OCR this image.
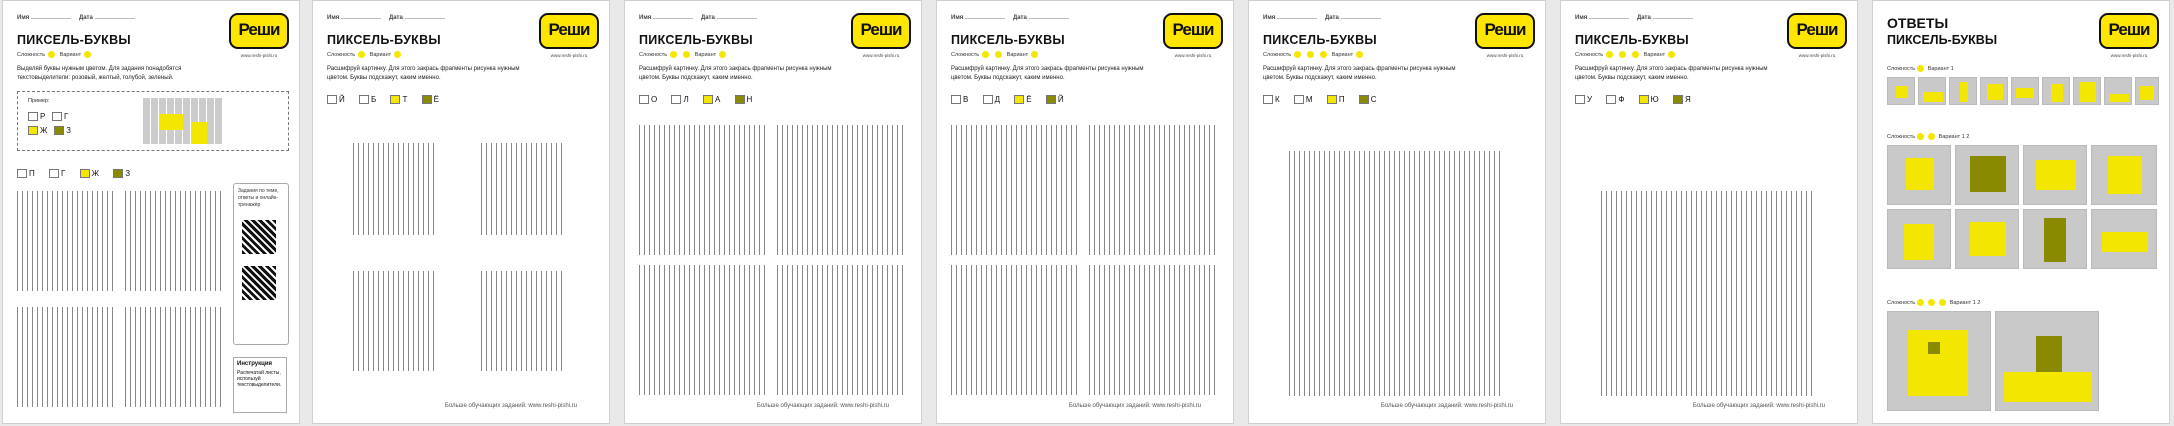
Имя	Дата
ПИКСЕЛЬ-БУКВЫ
Сложность	Вариант
Реши
www.reshi-pishi.ru
Выделяй буквы нужным цветом. Для задания понадобятся текстовыделители: розовый, желтый, голубой, зеленый.
Пример:
Р Г
Ж З
П	Г	Ж	З
Задания по теме, ответы и онлайн-тренажёр
Инструкция
Распечатай листы, используй текстовыделители.
Имя	Дата
ПИКСЕЛЬ-БУКВЫ
Сложность	Вариант
Реши
www.reshi-pishi.ru
Расшифруй картинку. Для этого закрась фрагменты рисунка нужным цветом. Буквы подскажут, каким именно.
Й	Б	Т	Ё
Больше обучающих заданий: www.reshi-pishi.ru
Имя	Дата
ПИКСЕЛЬ-БУКВЫ
Сложность	Вариант
Реши
www.reshi-pishi.ru
Расшифруй картинку. Для этого закрась фрагменты рисунка нужным цветом. Буквы подскажут, каким именно.
О	Л	А	Н
Больше обучающих заданий: www.reshi-pishi.ru
Имя	Дата
ПИКСЕЛЬ-БУКВЫ
Сложность	Вариант
Реши
www.reshi-pishi.ru
Расшифруй картинку. Для этого закрась фрагменты рисунка нужным цветом. Буквы подскажут, каким именно.
В	Д	Ё	Й
Больше обучающих заданий: www.reshi-pishi.ru
Имя	Дата
ПИКСЕЛЬ-БУКВЫ
Сложность	Вариант
Реши
www.reshi-pishi.ru
Расшифруй картинку. Для этого закрась фрагменты рисунка нужным цветом. Буквы подскажут, каким именно.
К	М	П	С
Больше обучающих заданий: www.reshi-pishi.ru
Имя	Дата
ПИКСЕЛЬ-БУКВЫ
Сложность	Вариант
Реши
www.reshi-pishi.ru
Расшифруй картинку. Для этого закрась фрагменты рисунка нужным цветом. Буквы подскажут, каким именно.
У	Ф	Ю	Я
Больше обучающих заданий: www.reshi-pishi.ru
ОТВЕТЫ
ПИКСЕЛЬ-БУКВЫ
Реши
www.reshi-pishi.ru
Сложность Вариант 1
Сложность	Вариант 1 2
Сложность	Вариант 1 2
